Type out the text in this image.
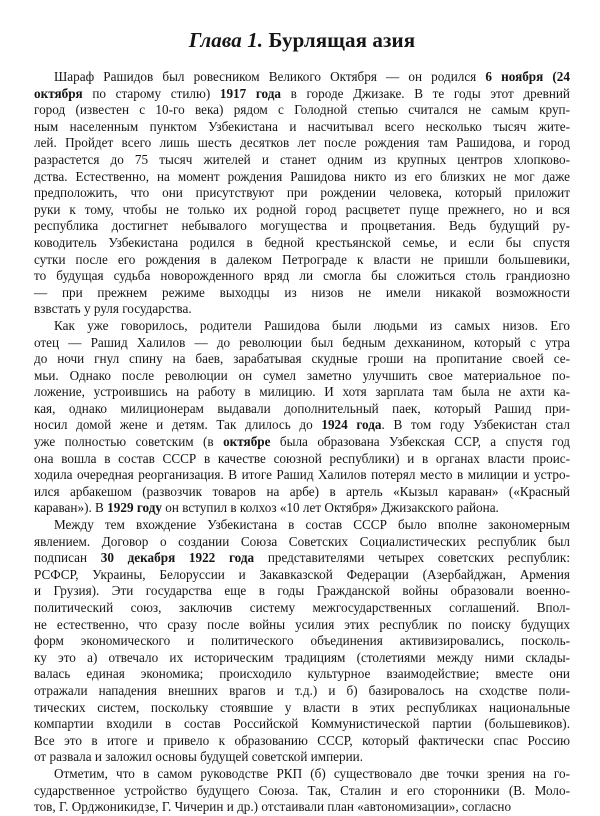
Глава 1. Бурлящая азия
Шараф Рашидов был ровесником Великого Октября — он родился 6 ноября (24
октября по старому стилю) 1917 года в городе Джизаке. В те годы этот древний
город (известен с 10-го века) рядом с Голодной степью считался не самым круп-
ным населенным пунктом Узбекистана и насчитывал всего несколько тысяч жите-
лей. Пройдет всего лишь шесть десятков лет после рождения там Рашидова, и город
разрастется до 75 тысяч жителей и станет одним из крупных центров хлопково-
дства. Естественно, на момент рождения Рашидова никто из его близких не мог даже
предположить, что они присутствуют при рождении человека, который приложит
руки к тому, чтобы не только их родной город расцветет пуще прежнего, но и вся
республика достигнет небывалого могущества и процветания. Ведь будущий ру-
ководитель Узбекистана родился в бедной крестьянской семье, и если бы спустя
сутки после его рождения в далеком Петрограде к власти не пришли большевики,
то будущая судьба новорожденного вряд ли смогла бы сложиться столь грандиозно
— при прежнем режиме выходцы из низов не имели никакой возможности
взвстать у руля государства.
Как уже говорилось, родители Рашидова были людьми из самых низов. Его
отец — Рашид Халилов — до революции был бедным дехканином, который с утра
до ночи гнул спину на баев, зарабатывая скудные гроши на пропитание своей се-
мьи. Однако после революции он сумел заметно улучшить свое материальное по-
ложение, устроившись на работу в милицию. И хотя зарплата там была не ахти ка-
кая, однако милиционерам выдавали дополнительный паек, который Рашид при-
носил домой жене и детям. Так длилось до 1924 года. В том году Узбекистан стал
уже полностью советским (в октябре была образована Узбекская ССР, а спустя год
она вошла в состав СССР в качестве союзной республики) и в органах власти проис-
ходила очередная реорганизация. В итоге Рашид Халилов потерял место в милиции и устро-
ился арбакешом (развозчик товаров на арбе) в артель «Кызыл караван» («Красный
караван»). В 1929 году он вступил в колхоз «10 лет Октября» Джизакского района.
Между тем вхождение Узбекистана в состав СССР было вполне закономерным
явлением. Договор о создании Союза Советских Социалистических республик был
подписан 30 декабря 1922 года представителями четырех советских республик:
РСФСР, Украины, Белоруссии и Закавказской Федерации (Азербайджан, Армения
и Грузия). Эти государства еще в годы Гражданской войны образовали военно-
политический союз, заключив систему межгосударственных соглашений. Впол-
не естественно, что сразу после войны усилия этих республик по поиску будущих
форм экономического и политического объединения активизировались, посколь-
ку это а) отвечало их историческим традициям (столетиями между ними склады-
валась единая экономика; происходило культурное взаимодействие; вместе они
отражали нападения внешних врагов и т.д.) и б) базировалось на сходстве поли-
тических систем, поскольку стоявшие у власти в этих республиках национальные
компартии входили в состав Российской Коммунистической партии (большевиков).
Все это в итоге и привело к образованию СССР, который фактически спас Россию
от развала и заложил основы будущей советской империи.
Отметим, что в самом руководстве РКП (б) существовало две точки зрения на го-
сударственное устройство будущего Союза. Так, Сталин и его сторонники (В. Моло-
тов, Г. Орджоникидзе, Г. Чичерин и др.) отстаивали план «автономизации», согласно
